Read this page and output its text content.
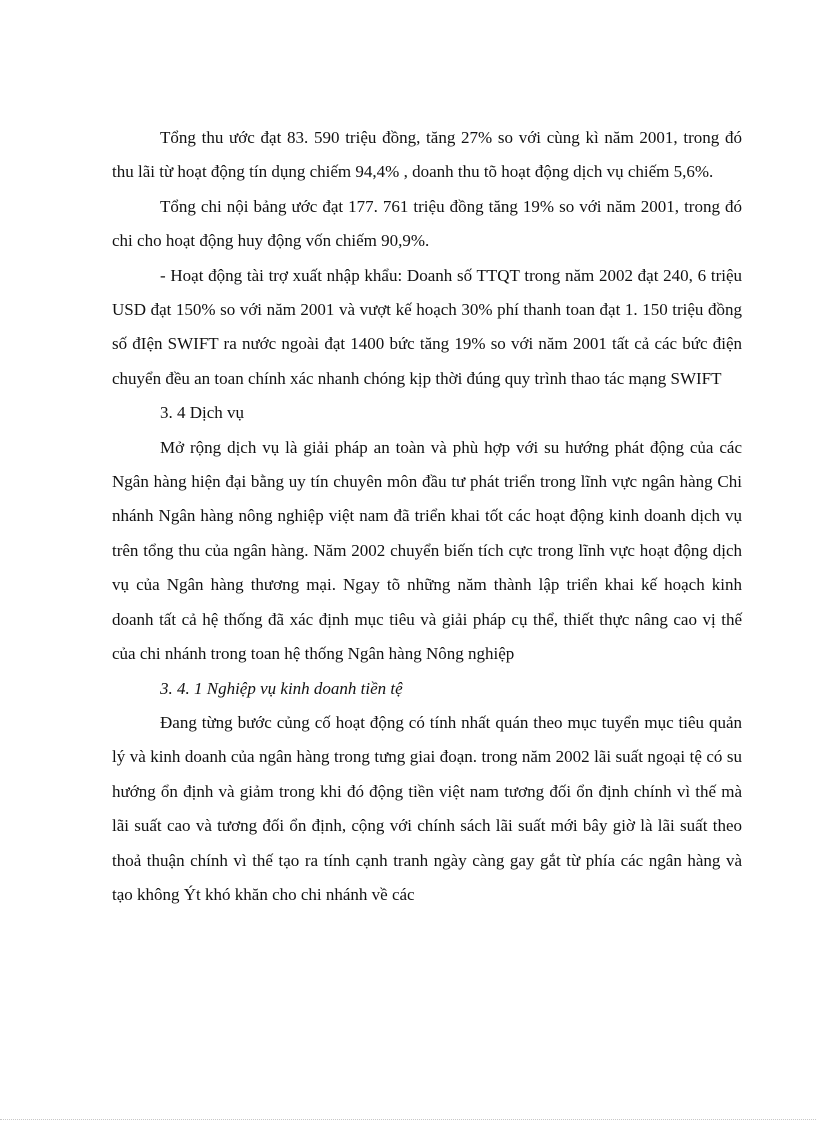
Tổng thu ước đạt 83. 590 triệu đồng, tăng 27% so với cùng kì năm 2001, trong đó thu lãi từ hoạt động tín dụng chiếm 94,4% , doanh thu tõ hoạt động dịch vụ chiếm 5,6%.

Tổng chi nội bảng ước đạt 177. 761 triệu đồng tăng 19% so với năm 2001, trong đó chi cho hoạt động huy động vốn chiếm 90,9%.

- Hoạt động tài trợ xuất nhập khẩu: Doanh số TTQT trong năm 2002 đạt 240, 6 triệu USD đạt 150% so với năm 2001 và vượt kế hoạch 30% phí thanh toan đạt 1. 150 triệu đồng số đIện SWIFT ra nước ngoài đạt 1400 bức tăng 19% so với năm 2001 tất cả các bức điện chuyển đều an toan chính xác nhanh chóng kịp thời đúng quy trình thao tác mạng SWIFT

3. 4 Dịch vụ

Mở rộng dịch vụ là giải pháp an toàn và phù hợp với su hướng phát động của các Ngân hàng hiện đại bằng uy tín chuyên môn đầu tư phát triển trong lĩnh vực ngân hàng Chi nhánh Ngân hàng nông nghiệp việt nam đã triển khai tốt các hoạt động kinh doanh dịch vụ trên tổng thu của ngân hàng. Năm 2002 chuyển biến tích cực trong lĩnh vực hoạt động dịch vụ của Ngân hàng thương mại. Ngay tõ những năm thành lập triển khai kế hoạch kinh doanh tất cả hệ thống đã xác định mục tiêu và giải pháp cụ thể, thiết thực nâng cao vị thế của chi nhánh trong toan hệ thống Ngân hàng Nông nghiệp

3. 4. 1 Nghiệp vụ kinh doanh tiền tệ

Đang từng bước củng cố hoạt động có tính nhất quán theo mục tuyển mục tiêu quản lý và kinh doanh của ngân hàng trong tưng giai đoạn. trong năm 2002 lãi suất ngoại tệ có su hướng ổn định và giảm trong khi đó động tiền việt nam tương đối ổn định chính vì thế mà lãi suất cao và tương đối ổn định, cộng với chính sách lãi suất mới bây giờ là lãi suất theo thoả thuận chính vì thế tạo ra tính cạnh tranh ngày càng gay gắt từ phía các ngân hàng và tạo không Ýt khó khăn cho chi nhánh về các
